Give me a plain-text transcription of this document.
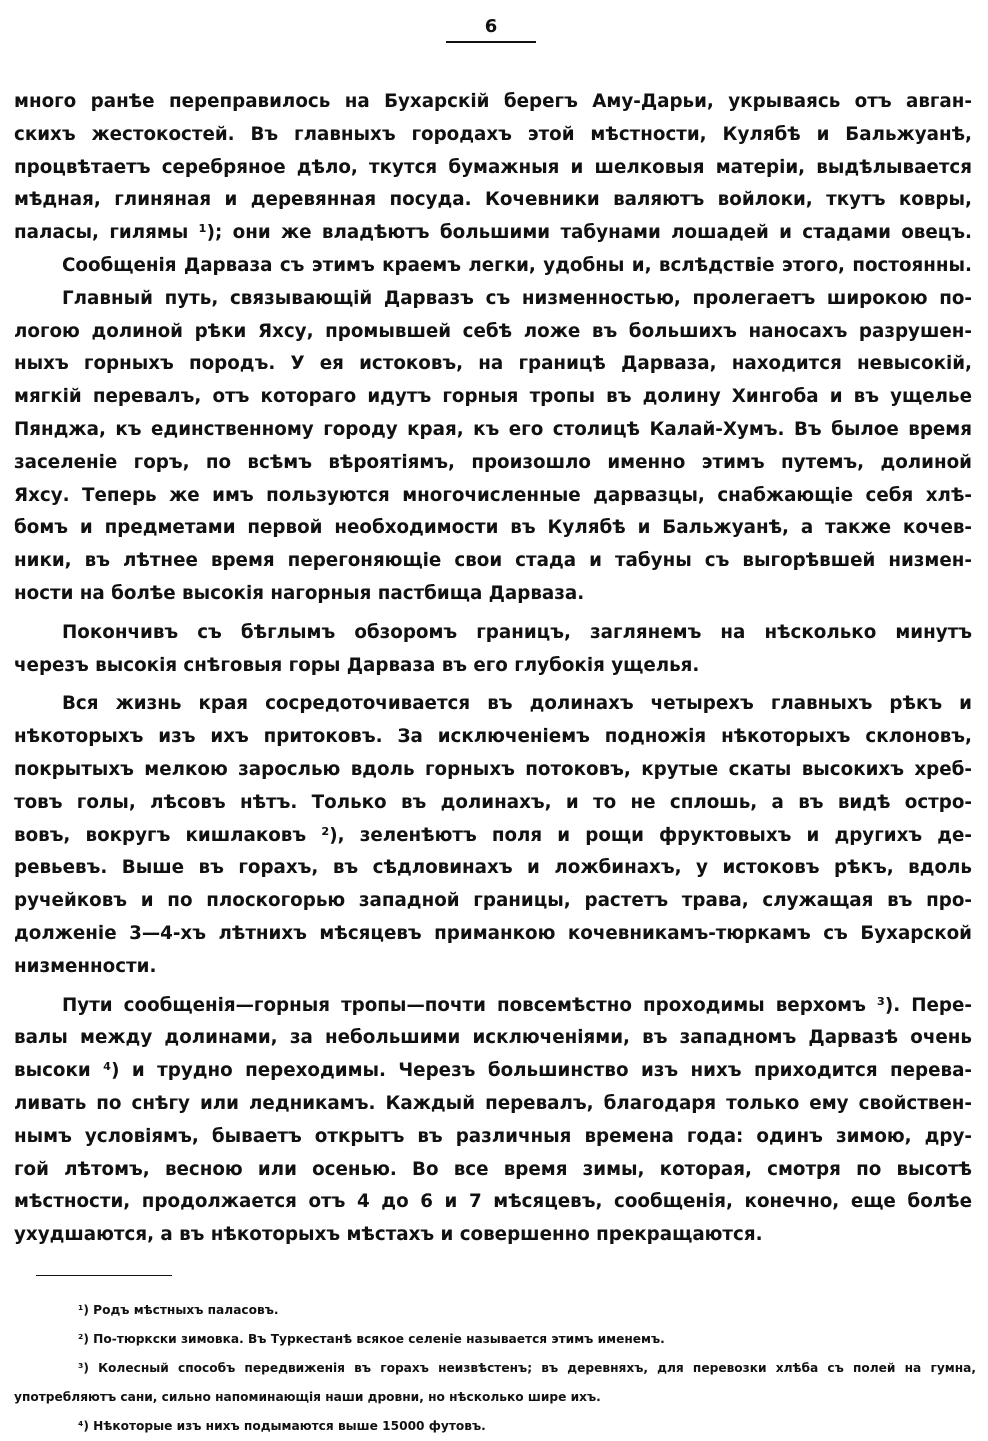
6
много ранѣе переправилось на Бухарскій берегъ Аму-Дарьи, укрываясь отъ авган-
скихъ жестокостей. Въ главныхъ городахъ этой мѣстности, Кулябѣ и Бальжуанѣ,
процвѣтаетъ серебряное дѣло, ткутся бумажныя и шелковыя матеріи, выдѣлывается
мѣдная, глиняная и деревянная посуда. Кочевники валяютъ войлоки, ткутъ ковры,
паласы, гилямы ¹); они же владѣютъ большими табунами лошадей и стадами овецъ.
Сообщенія Дарваза съ этимъ краемъ легки, удобны и, вслѣдствіе этого, постоянны.
Главный путь, связывающій Дарвазъ съ низменностью, пролегаетъ широкою по-
логою долиной рѣки Яхсу, промывшей себѣ ложе въ большихъ наносахъ разрушен-
ныхъ горныхъ породъ. У ея истоковъ, на границѣ Дарваза, находится невысокій,
мягкій перевалъ, отъ котораго идутъ горныя тропы въ долину Хингоба и въ ущелье
Пянджа, къ единственному городу края, къ его столицѣ Калай-Хумъ. Въ былое время
заселеніе горъ, по всѣмъ вѣроятіямъ, произошло именно этимъ путемъ, долиной
Яхсу. Теперь же имъ пользуются многочисленные дарвазцы, снабжающіе себя хлѣ-
бомъ и предметами первой необходимости въ Кулябѣ и Бальжуанѣ, а также кочев-
ники, въ лѣтнее время перегоняющіе свои стада и табуны съ выгорѣвшей низмен-
ности на болѣе высокія нагорныя пастбища Дарваза.
Покончивъ съ бѣглымъ обзоромъ границъ, заглянемъ на нѣсколько минутъ
черезъ высокія снѣговыя горы Дарваза въ его глубокія ущелья.
Вся жизнь края сосредоточивается въ долинахъ четырехъ главныхъ рѣкъ и
нѣкоторыхъ изъ ихъ притоковъ. За исключеніемъ подножія нѣкоторыхъ склоновъ,
покрытыхъ мелкою зарослью вдоль горныхъ потоковъ, крутые скаты высокихъ хреб-
товъ голы, лѣсовъ нѣтъ. Только въ долинахъ, и то не сплошь, а въ видѣ остро-
вовъ, вокругъ кишлаковъ ²), зеленѣютъ поля и рощи фруктовыхъ и другихъ де-
ревьевъ. Выше въ горахъ, въ сѣдловинахъ и ложбинахъ, у истоковъ рѣкъ, вдоль
ручейковъ и по плоскогорью западной границы, растетъ трава, служащая въ про-
долженіе 3—4-хъ лѣтнихъ мѣсяцевъ приманкою кочевникамъ-тюркамъ съ Бухарской
низменности.
Пути сообщенія—горныя тропы—почти повсемѣстно проходимы верхомъ ³). Пере-
валы между долинами, за небольшими исключеніями, въ западномъ Дарвазѣ очень
высоки ⁴) и трудно переходимы. Черезъ большинство изъ нихъ приходится перева-
ливать по снѣгу или ледникамъ. Каждый перевалъ, благодаря только ему свойствен-
нымъ условіямъ, бываетъ открытъ въ различныя времена года: одинъ зимою, дру-
гой лѣтомъ, весною или осенью. Во все время зимы, которая, смотря по высотѣ
мѣстности, продолжается отъ 4 до 6 и 7 мѣсяцевъ, сообщенія, конечно, еще болѣе
ухудшаются, а въ нѣкоторыхъ мѣстахъ и совершенно прекращаются.
¹) Родъ мѣстныхъ паласовъ.
²) По-тюркски зимовка. Въ Туркестанѣ всякое селеніе называется этимъ именемъ.
³) Колесный способъ передвиженія въ горахъ неизвѣстенъ; въ деревняхъ, для перевозки хлѣба съ полей на гумна,
употребляютъ сани, сильно напоминающія наши дровни, но нѣсколько шире ихъ.
⁴) Нѣкоторые изъ нихъ подымаются выше 15000 футовъ.
